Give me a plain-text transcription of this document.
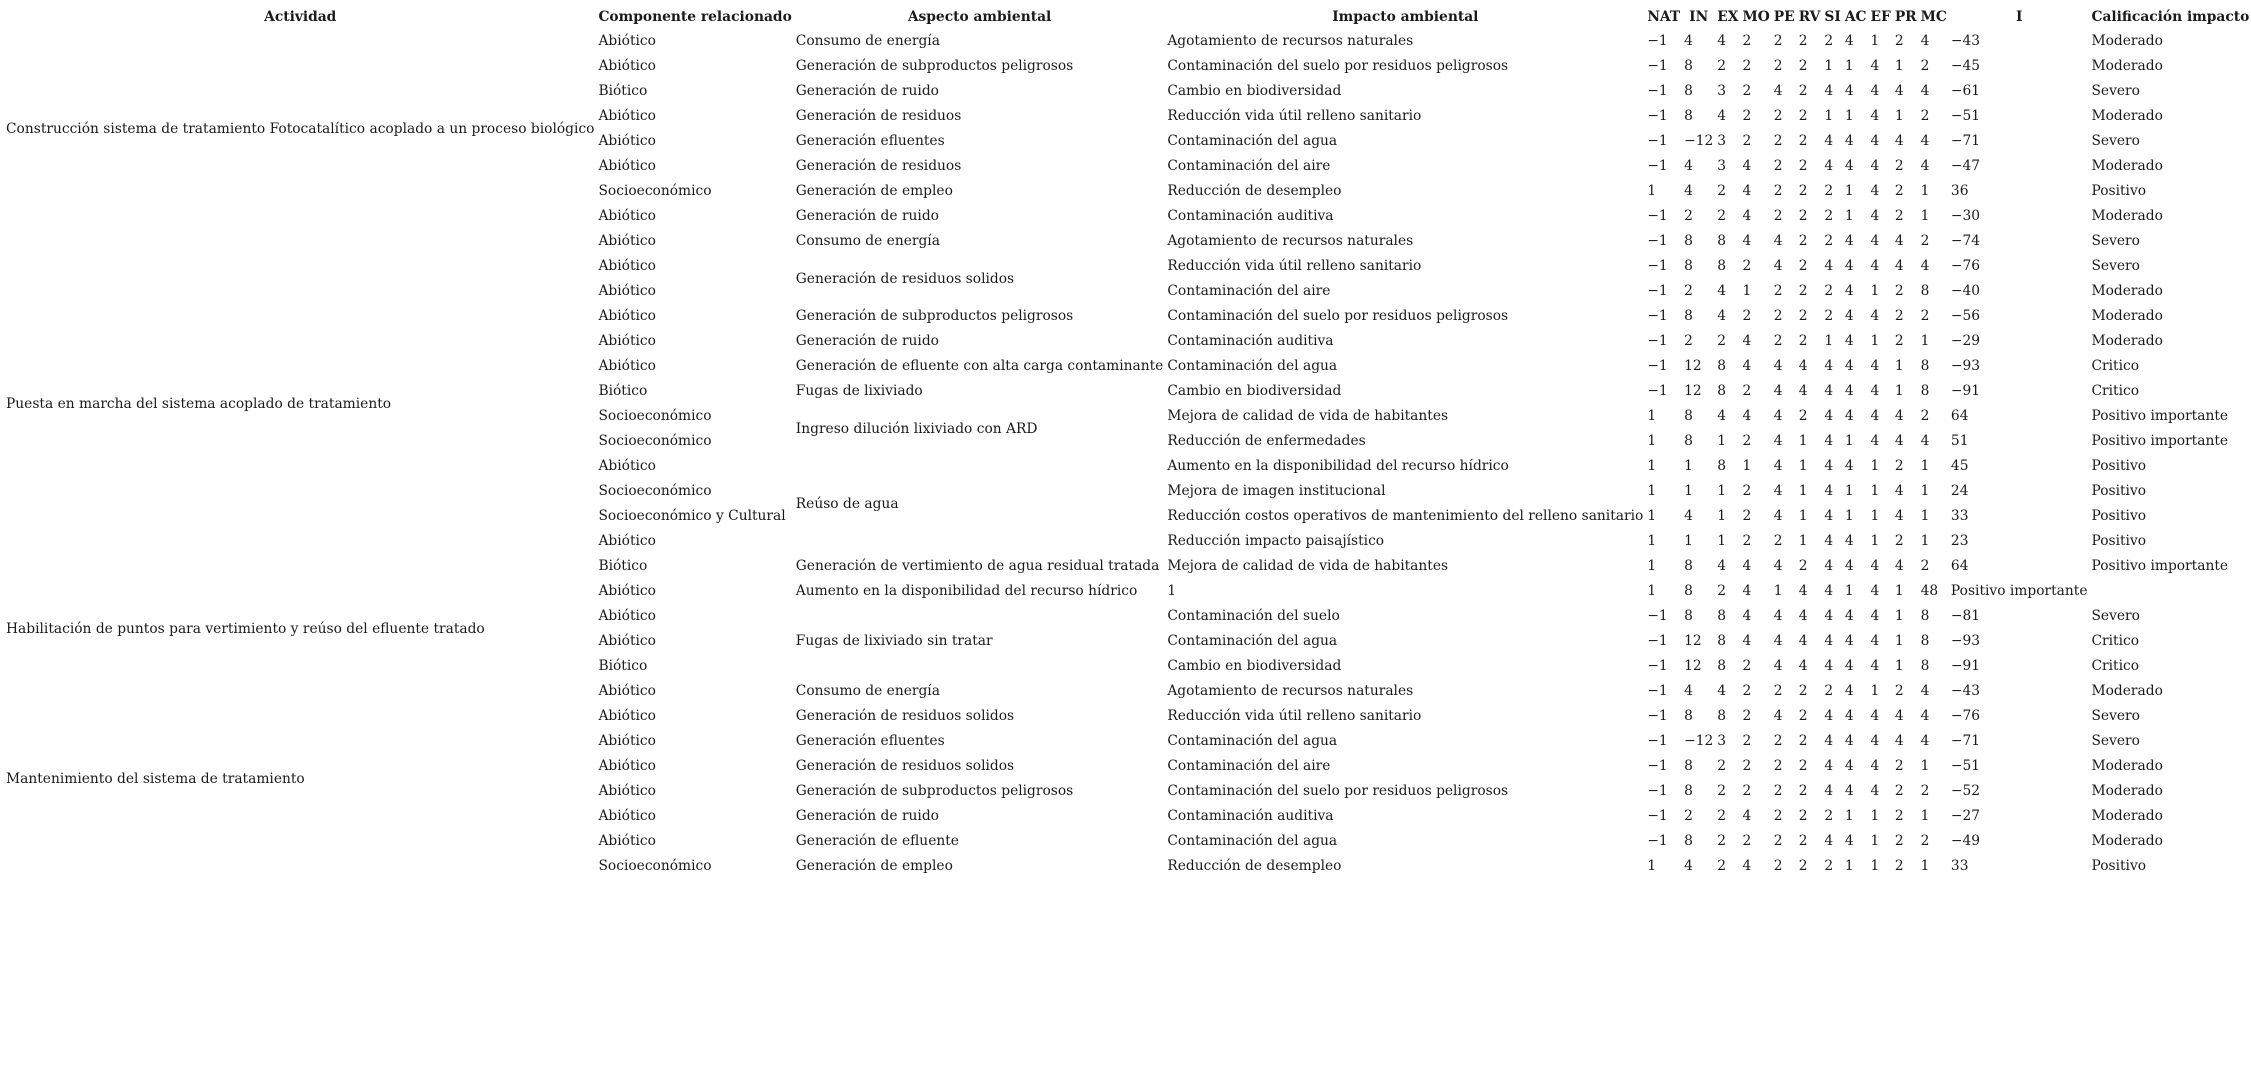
Actividad	Componente relacionado	Aspecto ambiental	Impacto ambiental	NAT	IN	EX	MO	PE	RV	SI	AC	EF	PR	MC	I	Calificación impacto
Construcción sistema de tratamiento Fotocatalítico acoplado a un proceso biológico	Abiótico	Consumo de energía	Agotamiento de recursos naturales	−1	4	4	2	2	2	2	4	1	2	4	−43	Moderado
	Abiótico	Generación de subproductos peligrosos	Contaminación del suelo por residuos peligrosos	−1	8	2	2	2	2	1	1	4	1	2	−45	Moderado
	Biótico	Generación de ruido	Cambio en biodiversidad	−1	8	3	2	4	2	4	4	4	4	4	−61	Severo
	Abiótico	Generación de residuos	Reducción vida útil relleno sanitario	−1	8	4	2	2	2	1	1	4	1	2	−51	Moderado
	Abiótico	Generación efluentes	Contaminación del agua	−1	−12	3	2	2	2	4	4	4	4	4	−71	Severo
	Abiótico	Generación de residuos	Contaminación del aire	−1	4	3	4	2	2	4	4	4	2	4	−47	Moderado
	Socioeconómico	Generación de empleo	Reducción de desempleo	1	4	2	4	2	2	2	1	4	2	1	36	Positivo
	Abiótico	Generación de ruido	Contaminación auditiva	−1	2	2	4	2	2	2	1	4	2	1	−30	Moderado
Puesta en marcha del sistema acoplado de tratamiento	Abiótico	Consumo de energía	Agotamiento de recursos naturales	−1	8	8	4	4	2	2	4	4	4	2	−74	Severo
	Abiótico	Generación de residuos solidos	Reducción vida útil relleno sanitario	−1	8	8	2	4	2	4	4	4	4	4	−76	Severo
	Abiótico		Contaminación del aire	−1	2	4	1	2	2	2	4	1	2	8	−40	Moderado
	Abiótico	Generación de subproductos peligrosos	Contaminación del suelo por residuos peligrosos	−1	8	4	2	2	2	2	4	4	2	2	−56	Moderado
	Abiótico	Generación de ruido	Contaminación auditiva	−1	2	2	4	2	2	1	4	1	2	1	−29	Moderado
	Abiótico	Generación de efluente con alta carga contaminante	Contaminación del agua	−1	12	8	4	4	4	4	4	4	1	8	−93	Critico
	Biótico	Fugas de lixiviado	Cambio en biodiversidad	−1	12	8	2	4	4	4	4	4	1	8	−91	Critico
	Socioeconómico	Ingreso dilución lixiviado con ARD	Mejora de calidad de vida de habitantes	1	8	4	4	4	2	4	4	4	4	2	64	Positivo importante
	Socioeconómico		Reducción de enfermedades	1	8	1	2	4	1	4	1	4	4	4	51	Positivo importante
	Abiótico	Reúso de agua	Aumento en la disponibilidad del recurso hídrico	1	1	8	1	4	1	4	4	1	2	1	45	Positivo
	Socioeconómico		Mejora de imagen institucional	1	1	1	2	4	1	4	1	1	4	1	24	Positivo
	Socioeconómico y Cultural		Reducción costos operativos de mantenimiento del relleno sanitario	1	4	1	2	4	1	4	1	1	4	1	33	Positivo
	Abiótico		Reducción impacto paisajístico	1	1	1	2	2	1	4	4	1	2	1	23	Positivo
	Biótico	Generación de vertimiento de agua residual tratada	Mejora de calidad de vida de habitantes	1	8	4	4	4	2	4	4	4	4	2	64	Positivo importante
Habilitación de puntos para vertimiento y reúso del efluente tratado	Abiótico	Aumento en la disponibilidad del recurso hídrico	1	1	8	2	4	1	4	4	1	4	1	48	Positivo importante	
	Abiótico	Fugas de lixiviado sin tratar	Contaminación del suelo	−1	8	8	4	4	4	4	4	4	1	8	−81	Severo
	Abiótico		Contaminación del agua	−1	12	8	4	4	4	4	4	4	1	8	−93	Critico
	Biótico		Cambio en biodiversidad	−1	12	8	2	4	4	4	4	4	1	8	−91	Critico
Mantenimiento del sistema de tratamiento	Abiótico	Consumo de energía	Agotamiento de recursos naturales	−1	4	4	2	2	2	2	4	1	2	4	−43	Moderado
	Abiótico	Generación de residuos solidos	Reducción vida útil relleno sanitario	−1	8	8	2	4	2	4	4	4	4	4	−76	Severo
	Abiótico	Generación efluentes	Contaminación del agua	−1	−12	3	2	2	2	4	4	4	4	4	−71	Severo
	Abiótico	Generación de residuos solidos	Contaminación del aire	−1	8	2	2	2	2	4	4	4	2	1	−51	Moderado
	Abiótico	Generación de subproductos peligrosos	Contaminación del suelo por residuos peligrosos	−1	8	2	2	2	2	4	4	4	2	2	−52	Moderado
	Abiótico	Generación de ruido	Contaminación auditiva	−1	2	2	4	2	2	2	1	1	2	1	−27	Moderado
	Abiótico	Generación de efluente	Contaminación del agua	−1	8	2	2	2	2	4	4	1	2	2	−49	Moderado
	Socioeconómico	Generación de empleo	Reducción de desempleo	1	4	2	4	2	2	2	1	1	2	1	33	Positivo
